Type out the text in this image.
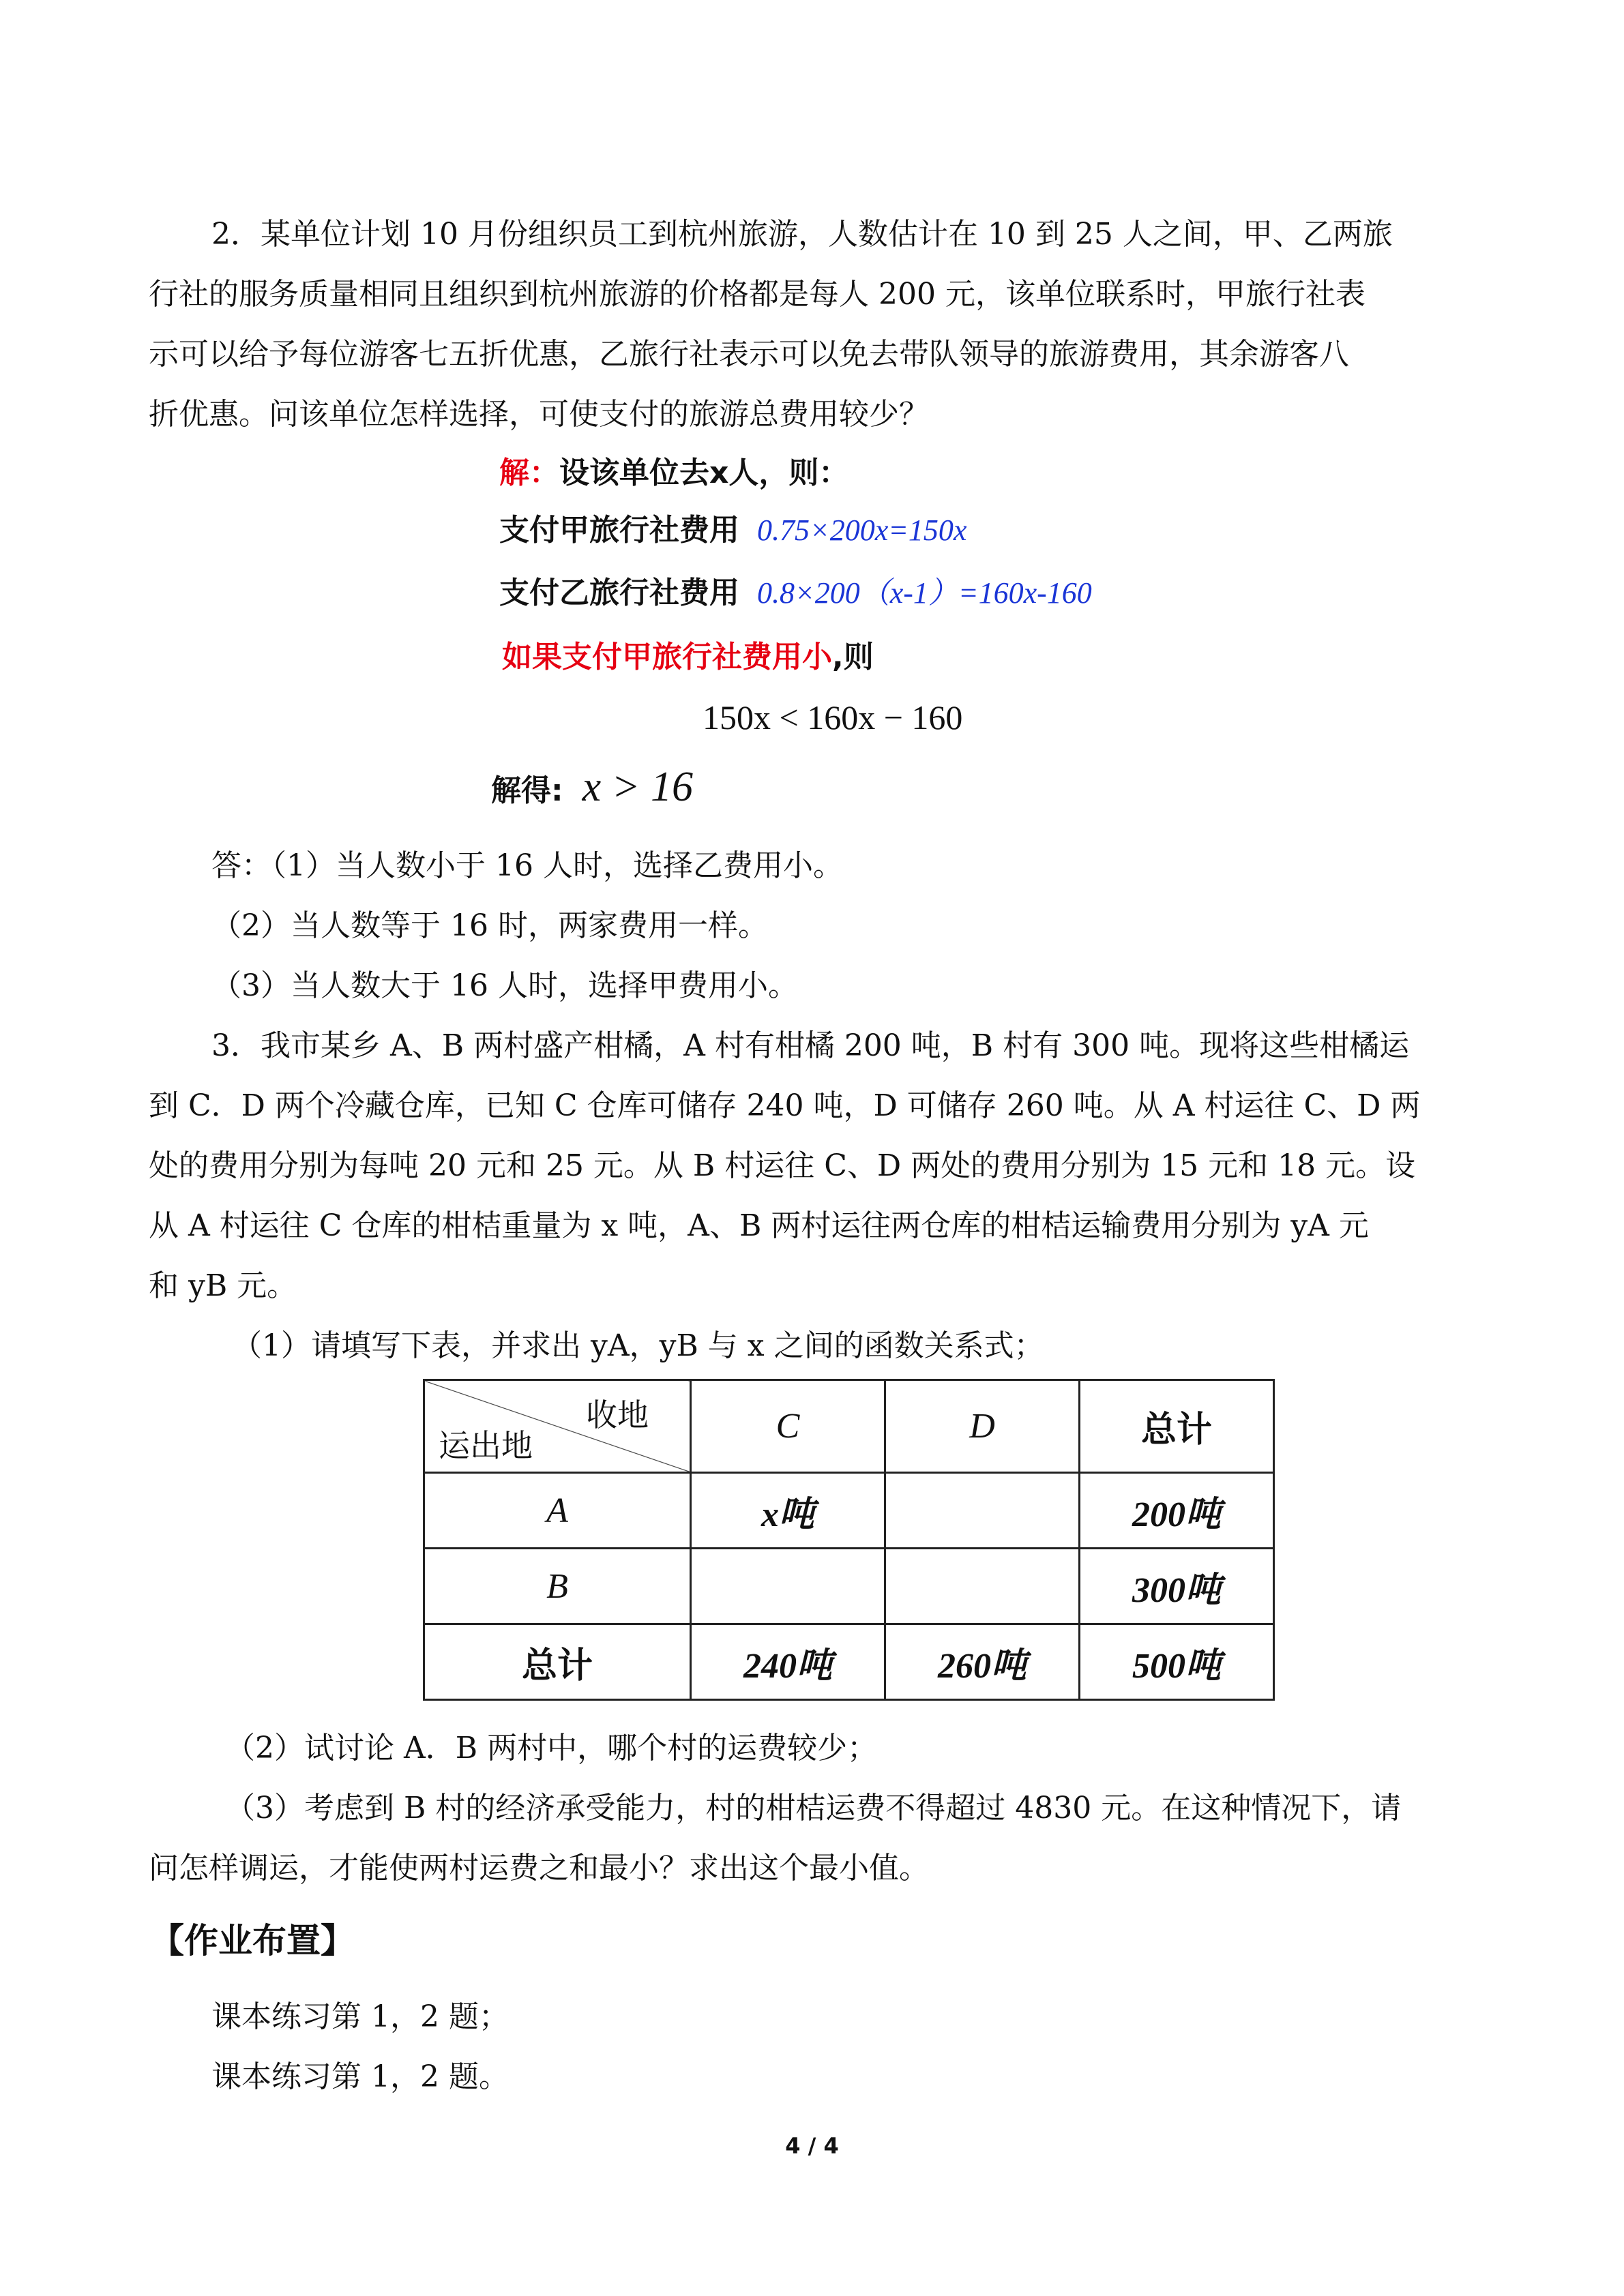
2．某单位计划 10 月份组织员工到杭州旅游，人数估计在 10 到 25 人之间，甲、乙两旅
行社的服务质量相同且组织到杭州旅游的价格都是每人 200 元，该单位联系时，甲旅行社表
示可以给予每位游客七五折优惠，乙旅行社表示可以免去带队领导的旅游费用，其余游客八
折优惠。问该单位怎样选择，可使支付的旅游总费用较少？
解：设该单位去x人，则：
支付甲旅行社费用 0.75×200x=150x
支付乙旅行社费用 0.8×200（x-1）=160x-160
如果支付甲旅行社费用小,则
150x < 160x − 160
解得: x > 16
答：（1）当人数小于 16 人时，选择乙费用小。
（2）当人数等于 16 时，两家费用一样。
（3）当人数大于 16 人时，选择甲费用小。
3．我市某乡 A、B 两村盛产柑橘，A 村有柑橘 200 吨，B 村有 300 吨。现将这些柑橘运
到 C．D 两个冷藏仓库，已知 C 仓库可储存 240 吨，D 可储存 260 吨。从 A 村运往 C、D 两
处的费用分别为每吨 20 元和 25 元。从 B 村运往 C、D 两处的费用分别为 15 元和 18 元。设
从 A 村运往 C 仓库的柑桔重量为 x 吨，A、B 两村运往两仓库的柑桔运输费用分别为 yA 元
和 yB 元。
（1）请填写下表，并求出 yA，yB 与 x 之间的函数关系式；
收地
运出地	C	D	总计
A	x吨		200吨
B			300吨
总计	240吨	260吨	500吨
（2）试讨论 A．B 两村中，哪个村的运费较少；
（3）考虑到 B 村的经济承受能力，村的柑桔运费不得超过 4830 元。在这种情况下，请
问怎样调运，才能使两村运费之和最小？求出这个最小值。
【作业布置】
课本练习第 1，2 题；
课本练习第 1，2 题。
4 / 4
